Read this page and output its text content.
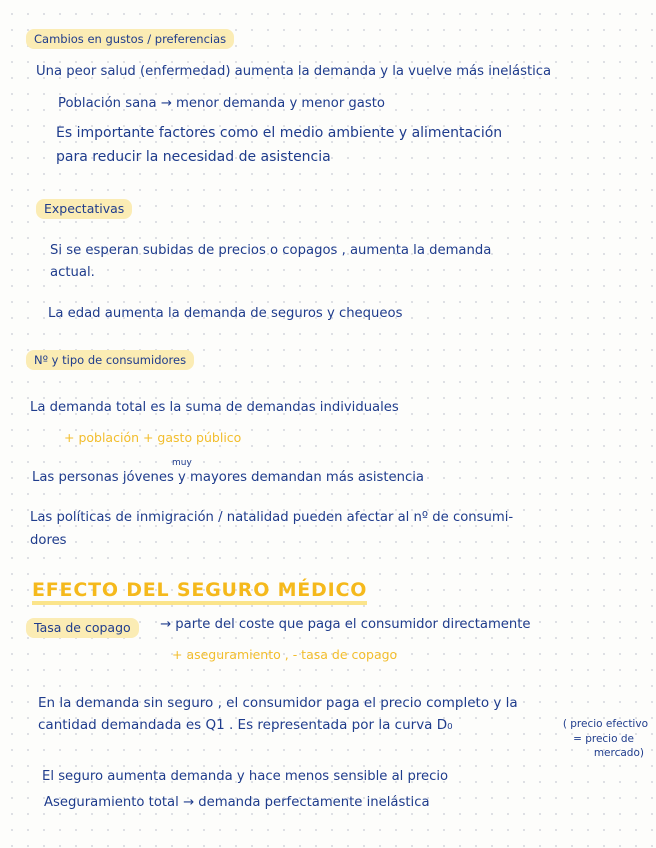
Cambios en gustos / preferencias
Una peor salud (enfermedad) aumenta la demanda y la vuelve más inelástica
Población sana → menor demanda y menor gasto
Es importante factores como el medio ambiente y alimentación
para reducir la necesidad de asistencia
Expectativas
Si se esperan subidas de precios o copagos , aumenta la demanda
actual.
La edad aumenta la demanda de seguros y chequeos
Nº y tipo de consumidores
La demanda total es la suma de demandas individuales
+ población + gasto público
muy
Las personas jóvenes y mayores demandan más asistencia
Las políticas de inmigración / natalidad pueden afectar al nº de consumi-
dores
EFECTO DEL SEGURO MÉDICO
Tasa de copago	→ parte del coste que paga el consumidor directamente
+ aseguramiento , - tasa de copago
En la demanda sin seguro , el consumidor paga el precio completo y la
cantidad demandada es Q1 . Es representada por la curva D₀	( precio efectivo
= precio de
mercado)
El seguro aumenta demanda y hace menos sensible al precio
Aseguramiento total → demanda perfectamente inelástica
